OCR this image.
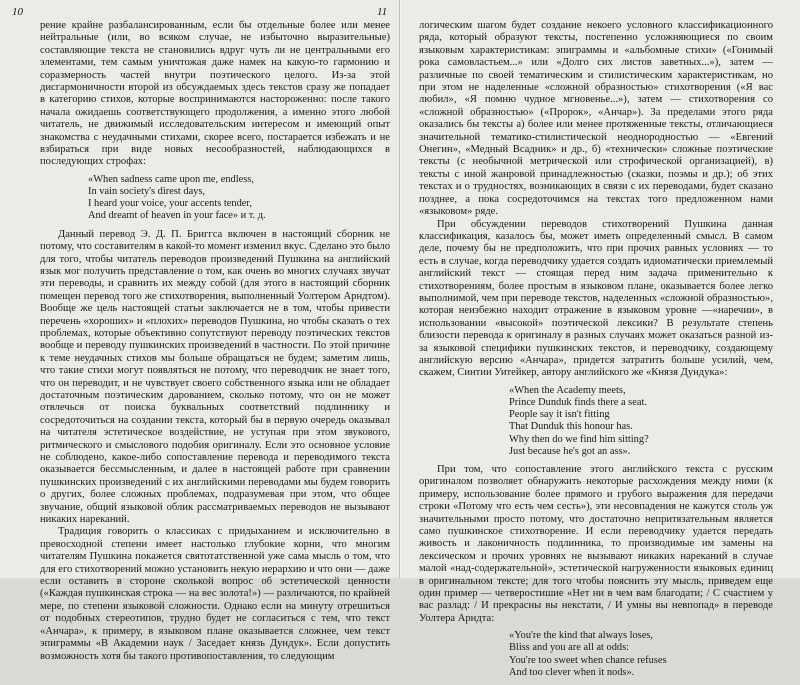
10

рение крайне разбалансированным, если бы отдельные более или менее нейтральные (или, во всяком случае, не избыточно выразительные) составляющие текста не становились вдруг чуть ли не центральными его элементами, тем самым уничтожая даже намек на какую-то гармонию и соразмерность частей внутри поэтического целого. Из-за этой дисгармоничности второй из обсуждаемых здесь текстов сразу же попадает в категорию стихов, которые воспринимаются настороженно: после такого начала ожидаешь соответствующего продолжения, а именно этого любой читатель, не движимый исследовательским интересом и имеющий опыт знакомства с неудачными стихами, скорее всего, постарается избежать и не взбираться при виде новых несообразностей, наблюдающихся в последующих строфах:

«When sadness came upon me, endless,
In vain society's direst days,
I heard your voice, your accents tender,
And dreamt of heaven in your face» и т. д.

Данный перевод Э. Д. П. Бриггса включен в настоящий сборник не потому, что составителям в какой-то момент изменил вкус. Сделано это было для того, чтобы читатель переводов произведений Пушкина на английский язык мог получить представление о том, как очень во многих случаях звучат эти переводы, и сравнить их между собой (для этого в настоящий сборник помещен перевод того же стихотворения, выполненный Уолтером Арндтом). Вообще же цель настоящей статьи заключается не в том, чтобы привести перечень «хороших» и «плохих» переводов Пушкина, но чтобы сказать о тех проблемах, которые объективно сопутствуют переводу поэтических текстов вообще и переводу пушкинских произведений в частности. По этой причине к теме неудачных стихов мы больше обращаться не будем; заметим лишь, что такие стихи могут появляться не потому, что переводчик не знает того, что он переводит, и не чувствует своего собственного языка или не обладает достаточным поэтическим дарованием, сколько потому, что он не может отвлечься от поиска буквальных соответствий подлиннику и сосредоточиться на создании текста, который бы в первую очередь оказывал на читателя эстетическое воздействие, не уступая при этом звукового, ритмического и смыслового подобия оригиналу. Если это основное условие не соблюдено, какое-либо сопоставление перевода и переводимого текста оказывается бессмысленным, и далее в настоящей работе при сравнении пушкинских произведений с их английскими переводами мы будем говорить о других, более сложных проблемах, подразумевая при этом, что общее звучание, общий языковой облик рассматриваемых переводов не вызывают никаких нареканий.

Традиция говорить о классиках с придыханием и исключительно в превосходной степени имеет настолько глубокие корни, что многим читателям Пушкина покажется святотатственной уже сама мысль о том, что для его стихотворений можно установить некую иерархию и что они — даже если оставить в стороне сколькой вопрос об эстетической ценности («Каждая пушкинская строка — на вес золота!») — различаются, по крайней мере, по степени языковой сложности. Однако если на минуту отрешиться от подобных стереотипов, трудно будет не согласиться с тем, что текст «Анчара», к примеру, в языковом плане оказывается сложнее, чем текст эпиграммы «В Академии наук / Заседает князь Дундук». Если допустить возможность хотя бы такого противопоставления, то следующим

11

логическим шагом будет создание некоего условного классификационного ряда, который образуют тексты, постепенно усложняющиеся по своим языковым характеристикам: эпиграммы и «альбомные стихи» («Гонимый рока самовластьем...» или «Долго сих листов заветных...»), затем — различные по своей тематическим и стилистическим характеристикам, но при этом не наделенные «сложной образностью» стихотворения («Я вас любил», «Я помню чудное мгновенье...»), затем — стихотворения со «сложной образностью» («Пророк», «Анчар»). За пределами этого ряда оказались бы тексты а) более или менее протяженные тексты, отличающиеся значительной тематико-стилистической неоднородностью — «Евгений Онегин», «Медный Всадник» и др., б) «технически» сложные поэтические тексты (с необычной метрической или строфической организацией), в) тексты с иной жанровой принадлежностью (сказки, поэмы и др.); об этих текстах и о трудностях, возникающих в связи с их переводами, будет сказано позднее, а пока сосредоточимся на текстах того предложенном нами «языковом» ряде.

При обсуждении переводов стихотворений Пушкина данная классификация, казалось бы, может иметь определенный смысл. В самом деле, почему бы не предположить, что при прочих равных условиях — то есть в случае, когда переводчику удается создать идиоматически приемлемый английский текст — стоящая перед ним задача применительно к стихотворениям, более простым в языковом плане, оказывается более легко выполнимой, чем при переводе текстов, наделенных «сложной образностью», которая неизбежно находит отражение в языковом уровне —«наречии», в использовании «высокой» поэтической лексики? В результате степень близости перевода к оригиналу в разных случаях может оказаться разной из-за языковой специфики пушкинских текстов, и переводчику, создающему английскую версию «Анчара», придется затратить больше усилий, чем, скажем, Синтии Уитейкер, автору английского же «Князя Дундука»:

«When the Academy meets,
Prince Dunduk finds there a seat.
People say it isn't fitting
That Dunduk this honour has.
Why then do we find him sitting?
Just because he's got an ass».

При том, что сопоставление этого английского текста с русским оригиналом позволяет обнаружить некоторые расхождения между ними (к примеру, использование более прямого и грубого выражения для передачи строки «Потому что есть чем сесть»), эти несовпадения не кажутся столь уж значительными просто потому, что достаточно непритязательным является само пушкинское стихотворение. И если переводчику удается передать живость и лаконичность подлинника, то производимые им замены на лексическом и прочих уровнях не вызывают никаких нареканий в случае малой «над-содержательной», эстетической нагруженности языковых единиц в оригинальном тексте; для того чтобы пояснить эту мысль, приведем еще один пример — четверостишие «Нет ни в чем вам благодати; / С счастием у вас разлад: / И прекрасны вы некстати, / И умны вы невпопад» в переводе Уолтера Арндта:

«You're the kind that always loses,
Bliss and you are all at odds:
You're too sweet when chance refuses
And too clever when it nods».
